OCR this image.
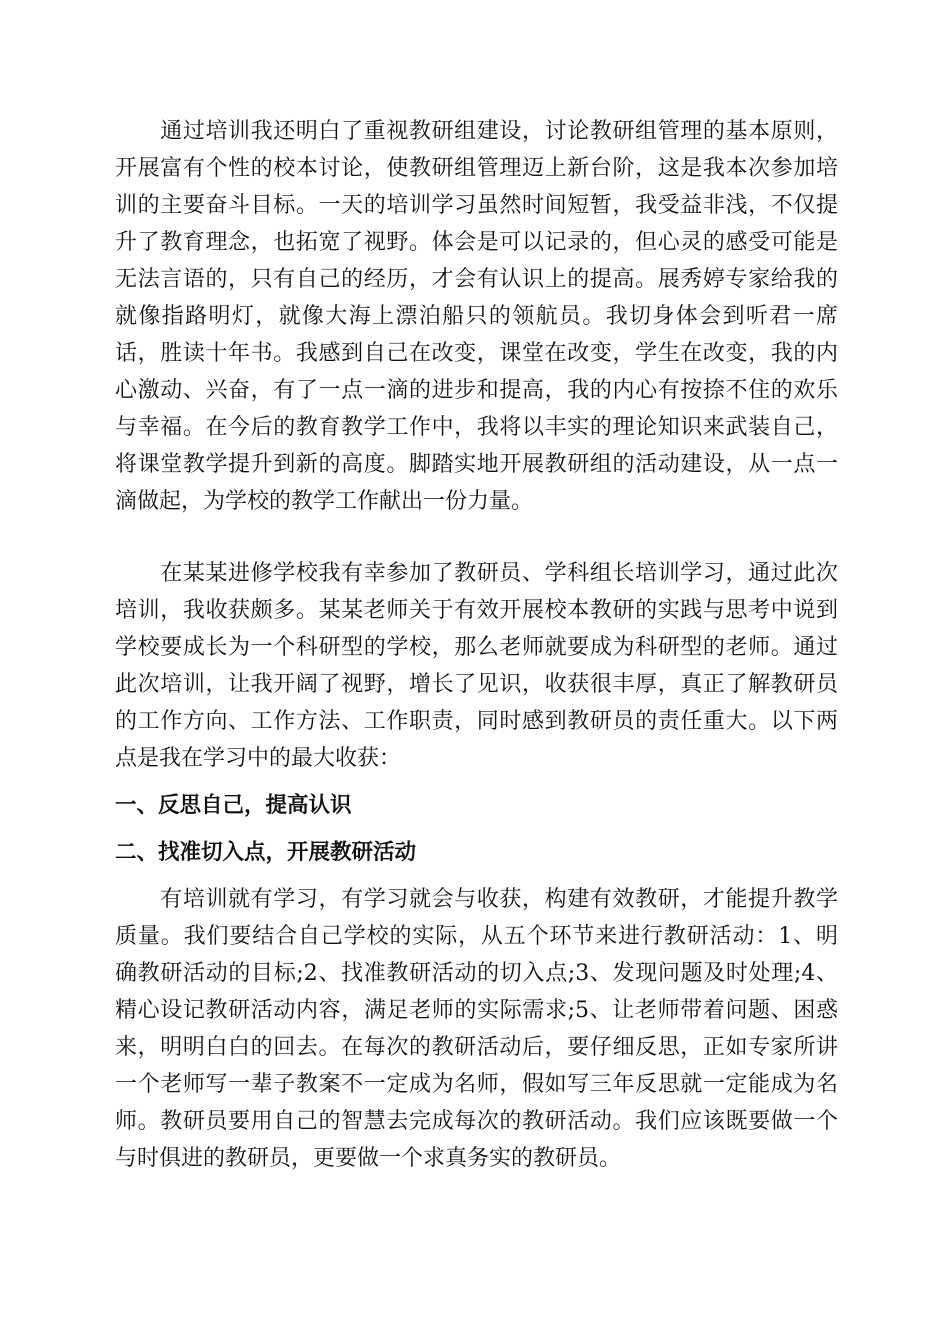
　　通过培训我还明白了重视教研组建设，讨论教研组管理的基本原则，
开展富有个性的校本讨论，使教研组管理迈上新台阶，这是我本次参加培
训的主要奋斗目标。一天的培训学习虽然时间短暂，我受益非浅，不仅提
升了教育理念，也拓宽了视野。体会是可以记录的，但心灵的感受可能是
无法言语的，只有自己的经历，才会有认识上的提高。展秀婷专家给我的
就像指路明灯，就像大海上漂泊船只的领航员。我切身体会到听君一席
话，胜读十年书。我感到自己在改变，课堂在改变，学生在改变，我的内
心激动、兴奋，有了一点一滴的进步和提高，我的内心有按捺不住的欢乐
与幸福。在今后的教育教学工作中，我将以丰实的理论知识来武装自己，
将课堂教学提升到新的高度。脚踏实地开展教研组的活动建设，从一点一
滴做起，为学校的教学工作献出一份力量。
　　在某某进修学校我有幸参加了教研员、学科组长培训学习，通过此次
培训，我收获颇多。某某老师关于有效开展校本教研的实践与思考中说到
学校要成长为一个科研型的学校，那么老师就要成为科研型的老师。通过
此次培训，让我开阔了视野，增长了见识，收获很丰厚，真正了解教研员
的工作方向、工作方法、工作职责，同时感到教研员的责任重大。以下两
点是我在学习中的最大收获：
一、反思自己，提高认识
二、找准切入点，开展教研活动
　　有培训就有学习，有学习就会与收获，构建有效教研，才能提升教学
质量。我们要结合自己学校的实际，从五个环节来进行教研活动：1、明
确教研活动的目标;2、找准教研活动的切入点;3、发现问题及时处理;4、
精心设记教研活动内容，满足老师的实际需求;5、让老师带着问题、困惑
来，明明白白的回去。在每次的教研活动后，要仔细反思，正如专家所讲
一个老师写一辈子教案不一定成为名师，假如写三年反思就一定能成为名
师。教研员要用自己的智慧去完成每次的教研活动。我们应该既要做一个
与时俱进的教研员，更要做一个求真务实的教研员。
